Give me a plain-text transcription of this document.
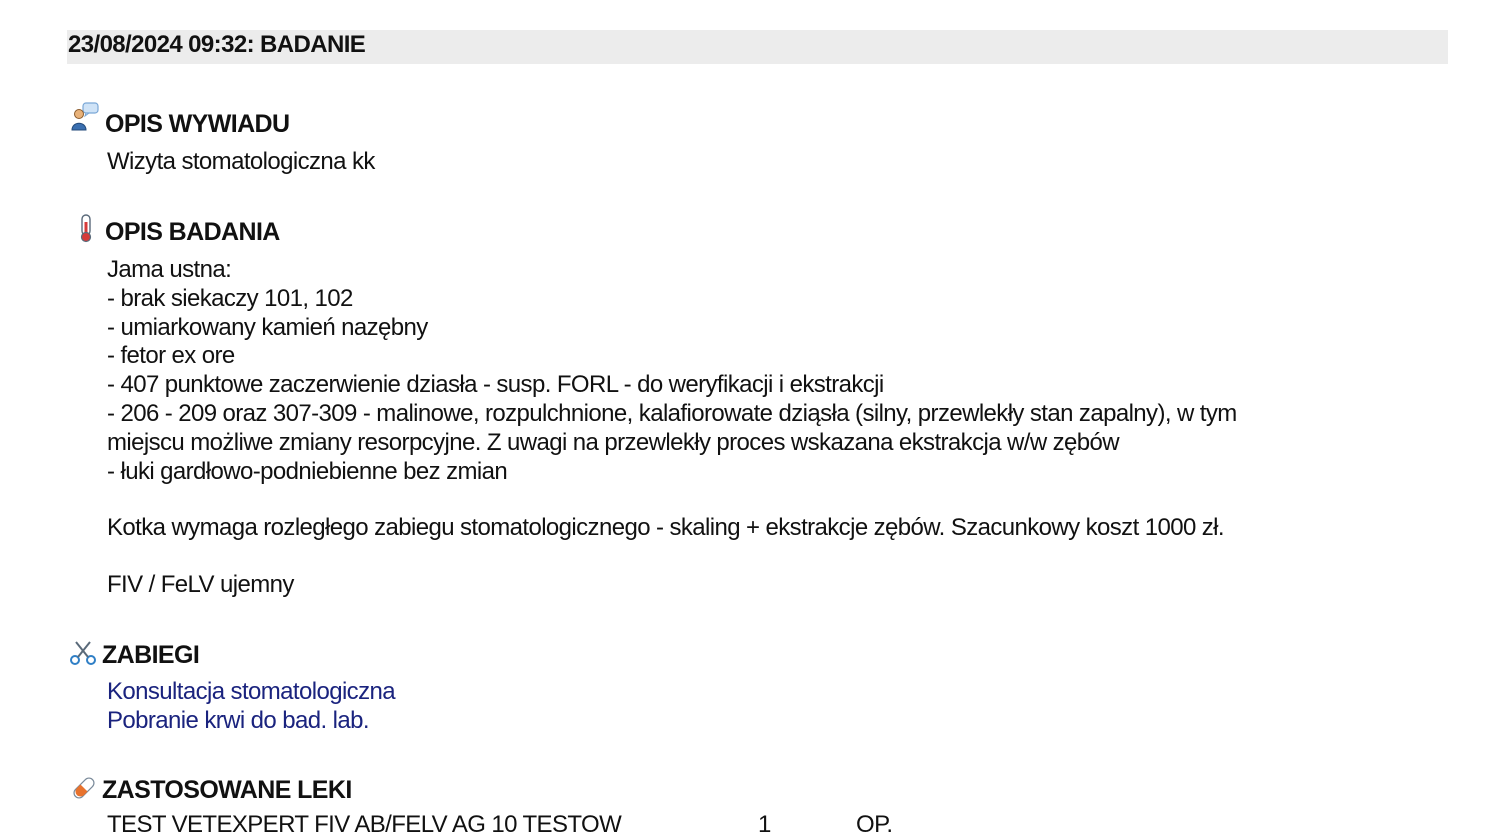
23/08/2024 09:32: BADANIE
OPIS WYWIADU
Wizyta stomatologiczna kk
OPIS BADANIA
Jama ustna:
- brak siekaczy 101, 102
- umiarkowany kamień nazębny
- fetor ex ore
- 407 punktowe zaczerwienie dziasła - susp. FORL - do weryfikacji i ekstrakcji
- 206 - 209 oraz 307-309 - malinowe, rozpulchnione, kalafiorowate dziąsła (silny, przewlekły stan zapalny), w tym
miejscu możliwe zmiany resorpcyjne. Z uwagi na przewlekły proces wskazana ekstrakcja w/w zębów
- łuki gardłowo-podniebienne bez zmian
Kotka wymaga rozległego zabiegu stomatologicznego - skaling + ekstrakcje zębów. Szacunkowy koszt 1000 zł.
FIV / FeLV ujemny
ZABIEGI
Konsultacja stomatologiczna
Pobranie krwi do bad. lab.
ZASTOSOWANE LEKI
TEST VETEXPERT FIV AB/FELV AG 10 TESTOW	1	OP.
